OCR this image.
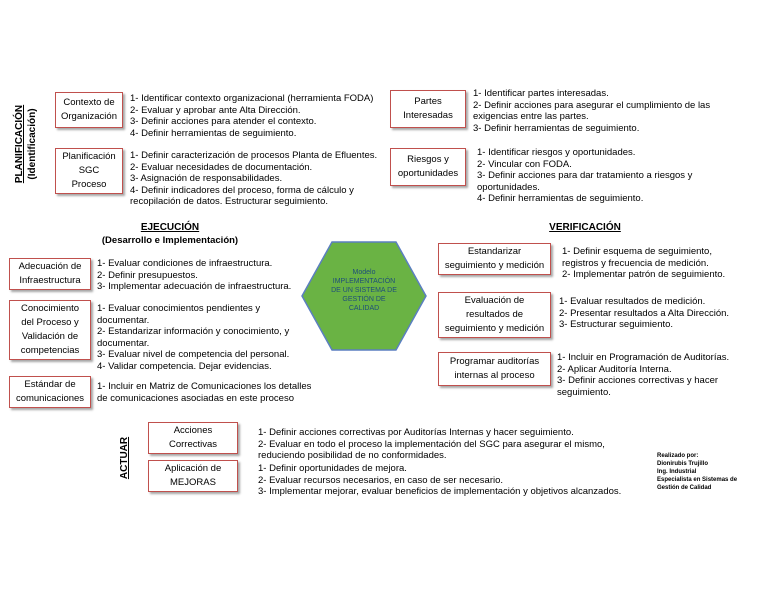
PLANIFICACIÓN (Identificación)
Contexto de
Organización
1- Identificar contexto organizacional (herramienta FODA)
2- Evaluar y aprobar ante Alta Dirección.
3- Definir acciones para atender el contexto.
4- Definir herramientas de seguimiento.
Planificación
SGC
Proceso
1- Definir caracterización de procesos Planta de Efluentes.
2- Evaluar necesidades de documentación.
3- Asignación de responsabilidades.
4- Definir indicadores del proceso, forma de cálculo y
recopilación de datos. Estructurar seguimiento.
Partes
Interesadas
1- Identificar partes interesadas.
2- Definir acciones para asegurar el cumplimiento de las
exigencias entre las partes.
3- Definir herramientas de seguimiento.
Riesgos y
oportunidades
1- Identificar riesgos y oportunidades.
2- Vincular con FODA.
3- Definir acciones para dar tratamiento a riesgos y
oportunidades.
4- Definir herramientas de seguimiento.
EJECUCIÓN
(Desarrollo e Implementación)
Adecuación de
Infraestructura
1- Evaluar condiciones de infraestructura.
2- Definir presupuestos.
3- Implementar adecuación de infraestructura.
Conocimiento
del Proceso y
Validación de
competencias
1- Evaluar conocimientos pendientes y
documentar.
2- Estandarizar información y conocimiento, y
documentar.
3- Evaluar nivel de competencia del personal.
4- Validar competencia. Dejar evidencias.
Estándar de
comunicaciones
1- Incluir en Matriz de Comunicaciones los detalles
de comunicaciones asociadas en este proceso
Modelo
IMPLEMENTACIÓN
DE UN SISTEMA DE
GESTIÓN DE
CALIDAD
VERIFICACIÓN
Estandarizar
seguimiento y medición
1- Definir esquema de seguimiento,
registros y frecuencia de medición.
2- Implementar patrón de seguimiento.
Evaluación de
resultados de
seguimiento y medición
1- Evaluar resultados de medición.
2- Presentar resultados a Alta Dirección.
3- Estructurar seguimiento.
Programar auditorías
internas al proceso
1- Incluir en Programación de Auditorías.
2- Aplicar Auditoría Interna.
3- Definir acciones correctivas y hacer
seguimiento.
ACTUAR
Acciones
Correctivas
1- Definir acciones correctivas por Auditorías Internas y hacer seguimiento.
2- Evaluar en todo el proceso la implementación del SGC para asegurar el mismo,
reduciendo posibilidad de no conformidades.
Aplicación de
MEJORAS
1- Definir oportunidades de mejora.
2- Evaluar recursos necesarios, en caso de ser necesario.
3- Implementar mejorar, evaluar beneficios de implementación y objetivos alcanzados.
Realizado por:
Dionirubis Trujillo
Ing. Industrial
Especialista en Sistemas de
Gestión de Calidad
